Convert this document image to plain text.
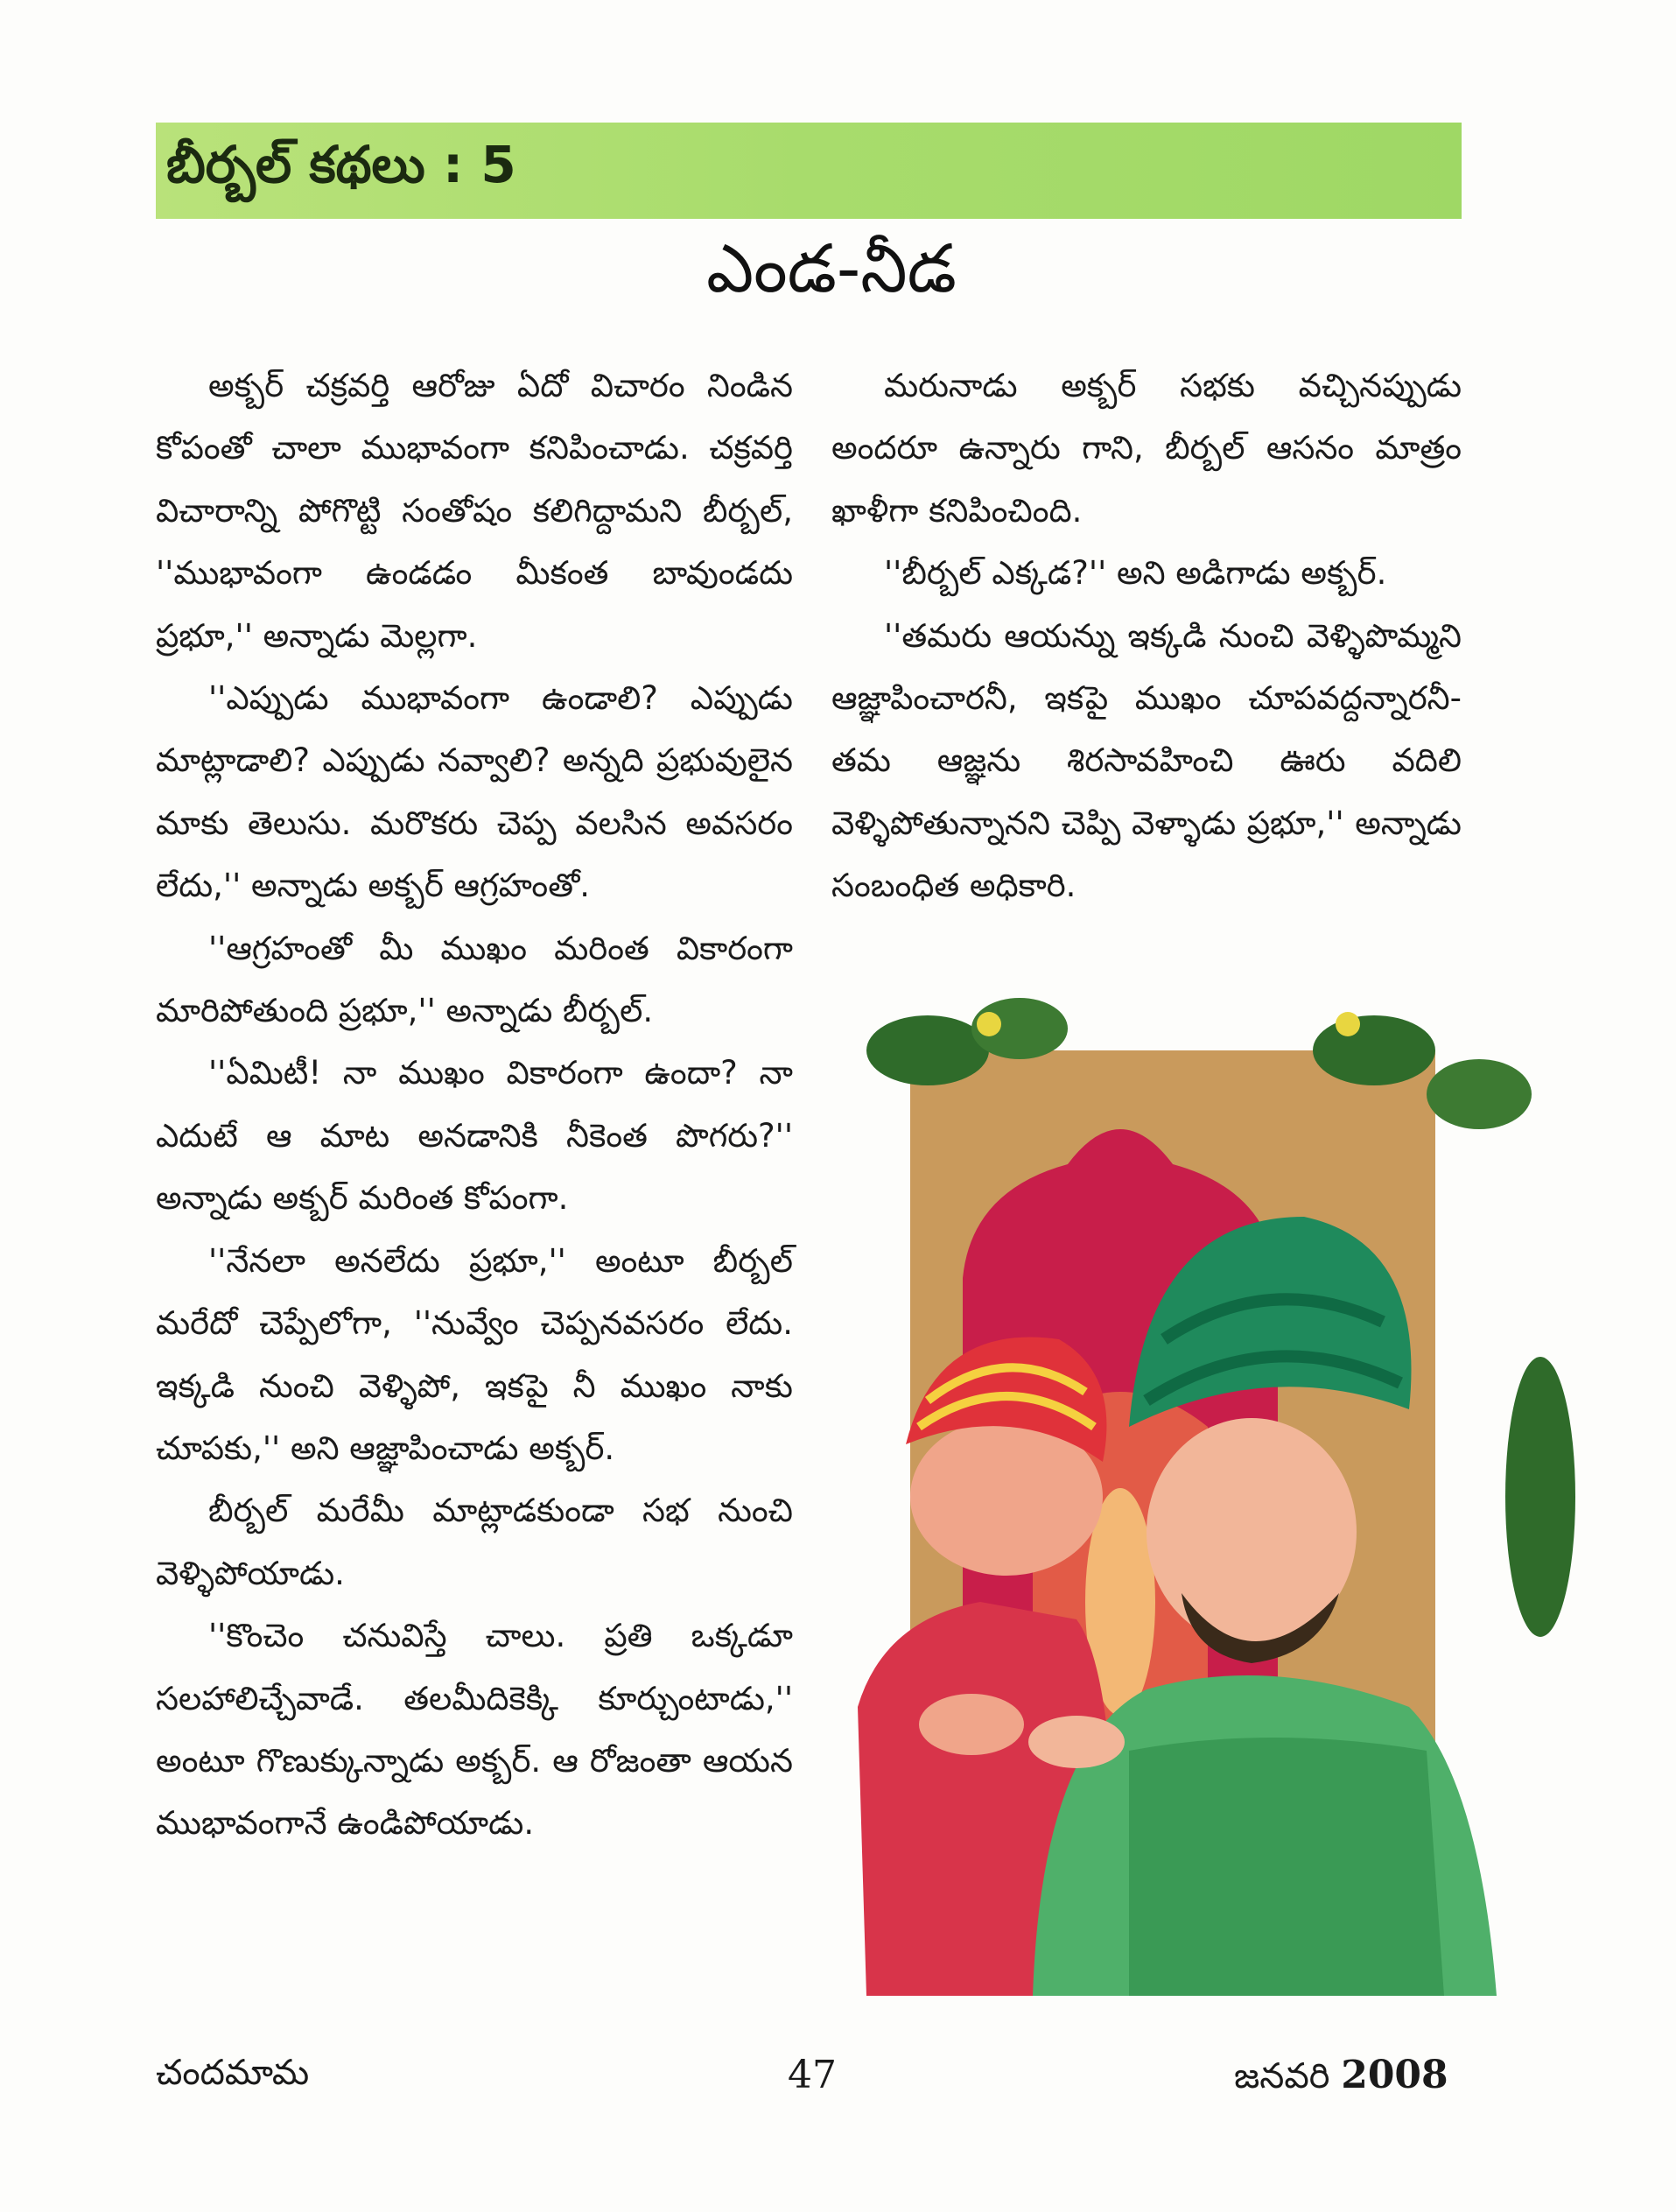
బీర్బల్ కథలు : 5
ఎండ-నీడ

అక్బర్ చక్రవర్తి ఆరోజు ఏదో విచారం నిండిన కోపంతో చాలా ముభావంగా కనిపించాడు. చక్రవర్తి విచారాన్ని పోగొట్టి సంతోషం కలిగిద్దామని బీర్బల్, ''ముభావంగా ఉండడం మీకంత బావుండదు ప్రభూ,'' అన్నాడు మెల్లగా.

''ఎప్పుడు ముభావంగా ఉండాలి? ఎప్పుడు మాట్లాడాలి? ఎప్పుడు నవ్వాలి? అన్నది ప్రభువులైన మాకు తెలుసు. మరొకరు చెప్ప వలసిన అవసరం లేదు,'' అన్నాడు అక్బర్ ఆగ్రహంతో.

''ఆగ్రహంతో మీ ముఖం మరింత వికారంగా మారిపోతుంది ప్రభూ,'' అన్నాడు బీర్బల్.

''ఏమిటీ! నా ముఖం వికారంగా ఉందా? నా ఎదుటే ఆ మాట అనడానికి నీకెంత పొగరు?'' అన్నాడు అక్బర్ మరింత కోపంగా.

''నేనలా అనలేదు ప్రభూ,'' అంటూ బీర్బల్ మరేదో చెప్పేలోగా, ''నువ్వేం చెప్పనవసరం లేదు. ఇక్కడి నుంచి వెళ్ళిపో, ఇకపై నీ ముఖం నాకు చూపకు,'' అని ఆజ్ఞాపించాడు అక్బర్.

బీర్బల్ మరేమీ మాట్లాడకుండా సభ నుంచి వెళ్ళిపోయాడు.

''కొంచెం చనువిస్తే చాలు. ప్రతి ఒక్కడూ సలహాలిచ్చేవాడే. తలమీదికెక్కి కూర్చుంటాడు,'' అంటూ గొణుక్కున్నాడు అక్బర్. ఆ రోజంతా ఆయన ముభావంగానే ఉండిపోయాడు.

మరునాడు అక్బర్ సభకు వచ్చినప్పుడు అందరూ ఉన్నారు గాని, బీర్బల్ ఆసనం మాత్రం ఖాళీగా కనిపించింది.

''బీర్బల్ ఎక్కడ?'' అని అడిగాడు అక్బర్.

''తమరు ఆయన్ను ఇక్కడి నుంచి వెళ్ళిపొమ్మని ఆజ్ఞాపించారనీ, ఇకపై ముఖం చూపవద్దన్నారనీ-తమ ఆజ్ఞను శిరసావహించి ఊరు వదిలి వెళ్ళిపోతున్నానని చెప్పి వెళ్ళాడు ప్రభూ,'' అన్నాడు సంబంధిత అధికారి.

చందమామ	47	జనవరి 2008
